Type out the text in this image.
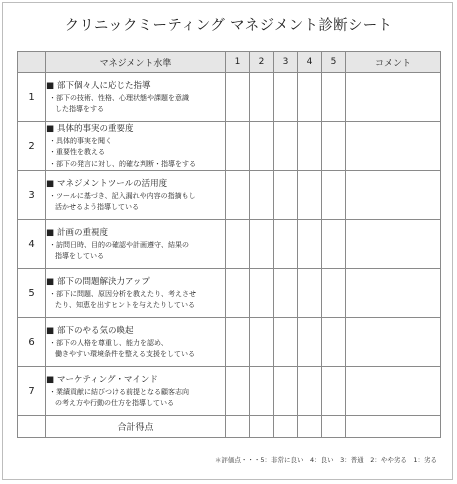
クリニックミーティング マネジメント診断シート
	マネジメント水準	1	2	3	4	5	コメント
1	■ 部下個々人に応じた指導
・部下の技術、性格、心理状態や課題を意識
した指導をする						

2	■ 具体的事実の重要度
・具体的事実を聞く
・重要性を教える
・部下の発言に対し、的確な判断・指導をする						

3	■ マネジメントツールの活用度
・ツールに基づき、記入漏れや内容の指摘もし
活かせるよう指導している						

4	■ 計画の重視度
・訪問日時、目的の確認や計画遵守、結果の
指導をしている						

5	■ 部下の問題解決力アップ
・部下に問題、原因分析を教えたり、考えさせ
たり、知恵を出すヒントを与えたりしている						

6	■ 部下のやる気の喚起
・部下の人格を尊重し、能力を認め、
働きやすい環境条件を整える支援をしている						

7	■ マーケティング・マインド
・業績貢献に結びつける前提となる顧客志向
の考え方や行動の仕方を指導している						

	合計得点						
＊評価点・・・5：非常に良い　4：良い　3：普通　2：やや劣る　1：劣る
